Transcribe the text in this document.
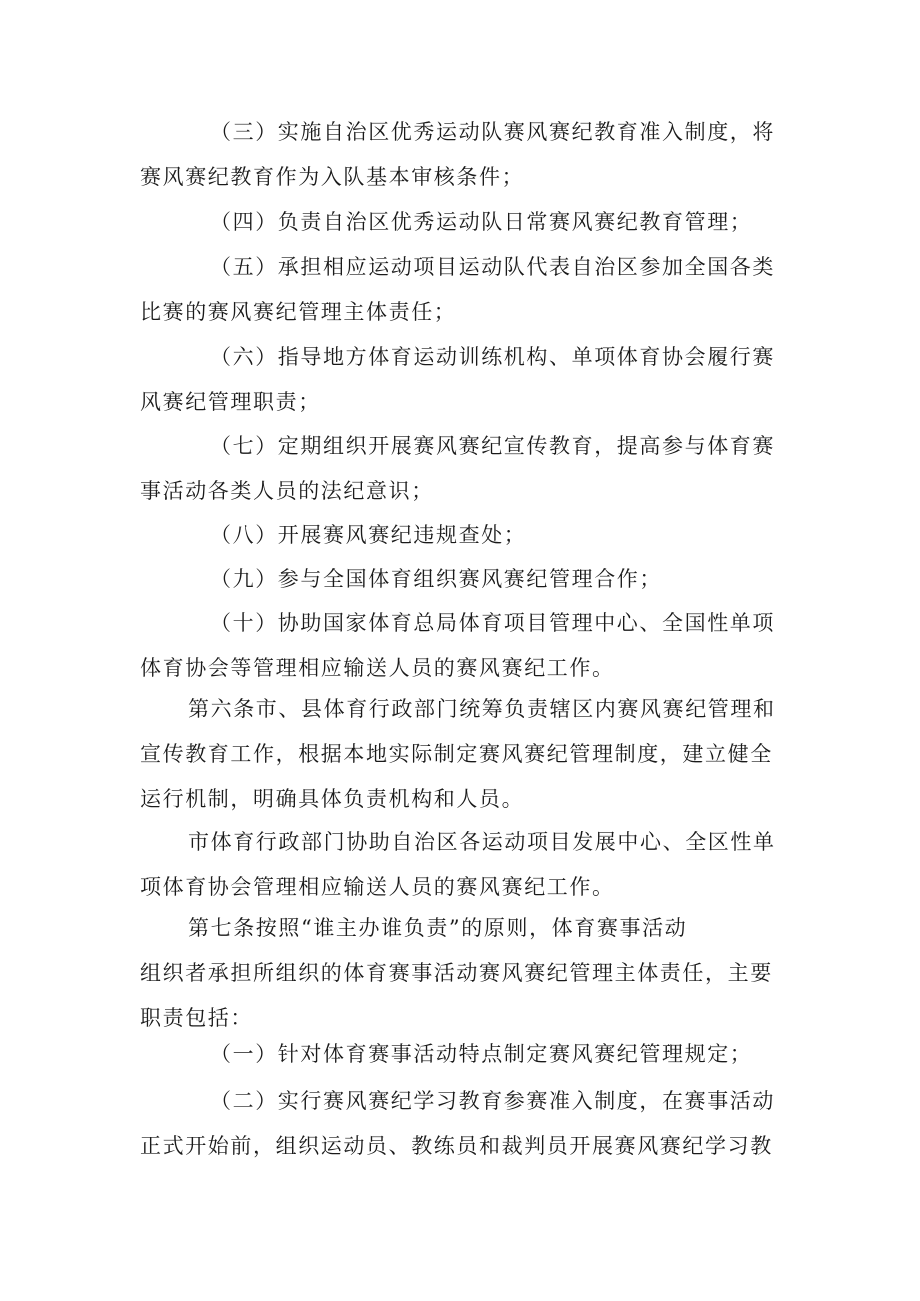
（三）实施自治区优秀运动队赛风赛纪教育准入制度，将
赛风赛纪教育作为入队基本审核条件；

（四）负责自治区优秀运动队日常赛风赛纪教育管理；

（五）承担相应运动项目运动队代表自治区参加全国各类
比赛的赛风赛纪管理主体责任；

（六）指导地方体育运动训练机构、单项体育协会履行赛
风赛纪管理职责；

（七）定期组织开展赛风赛纪宣传教育，提高参与体育赛
事活动各类人员的法纪意识；

（八）开展赛风赛纪违规查处；

（九）参与全国体育组织赛风赛纪管理合作；

（十）协助国家体育总局体育项目管理中心、全国性单项
体育协会等管理相应输送人员的赛风赛纪工作。

第六条市、县体育行政部门统筹负责辖区内赛风赛纪管理和
宣传教育工作，根据本地实际制定赛风赛纪管理制度，建立健全
运行机制，明确具体负责机构和人员。

市体育行政部门协助自治区各运动项目发展中心、全区性单
项体育协会管理相应输送人员的赛风赛纪工作。

第七条按照“谁主办谁负责”的原则，体育赛事活动
组织者承担所组织的体育赛事活动赛风赛纪管理主体责任，主要
职责包括：

（一）针对体育赛事活动特点制定赛风赛纪管理规定；

（二）实行赛风赛纪学习教育参赛准入制度，在赛事活动
正式开始前，组织运动员、教练员和裁判员开展赛风赛纪学习教
